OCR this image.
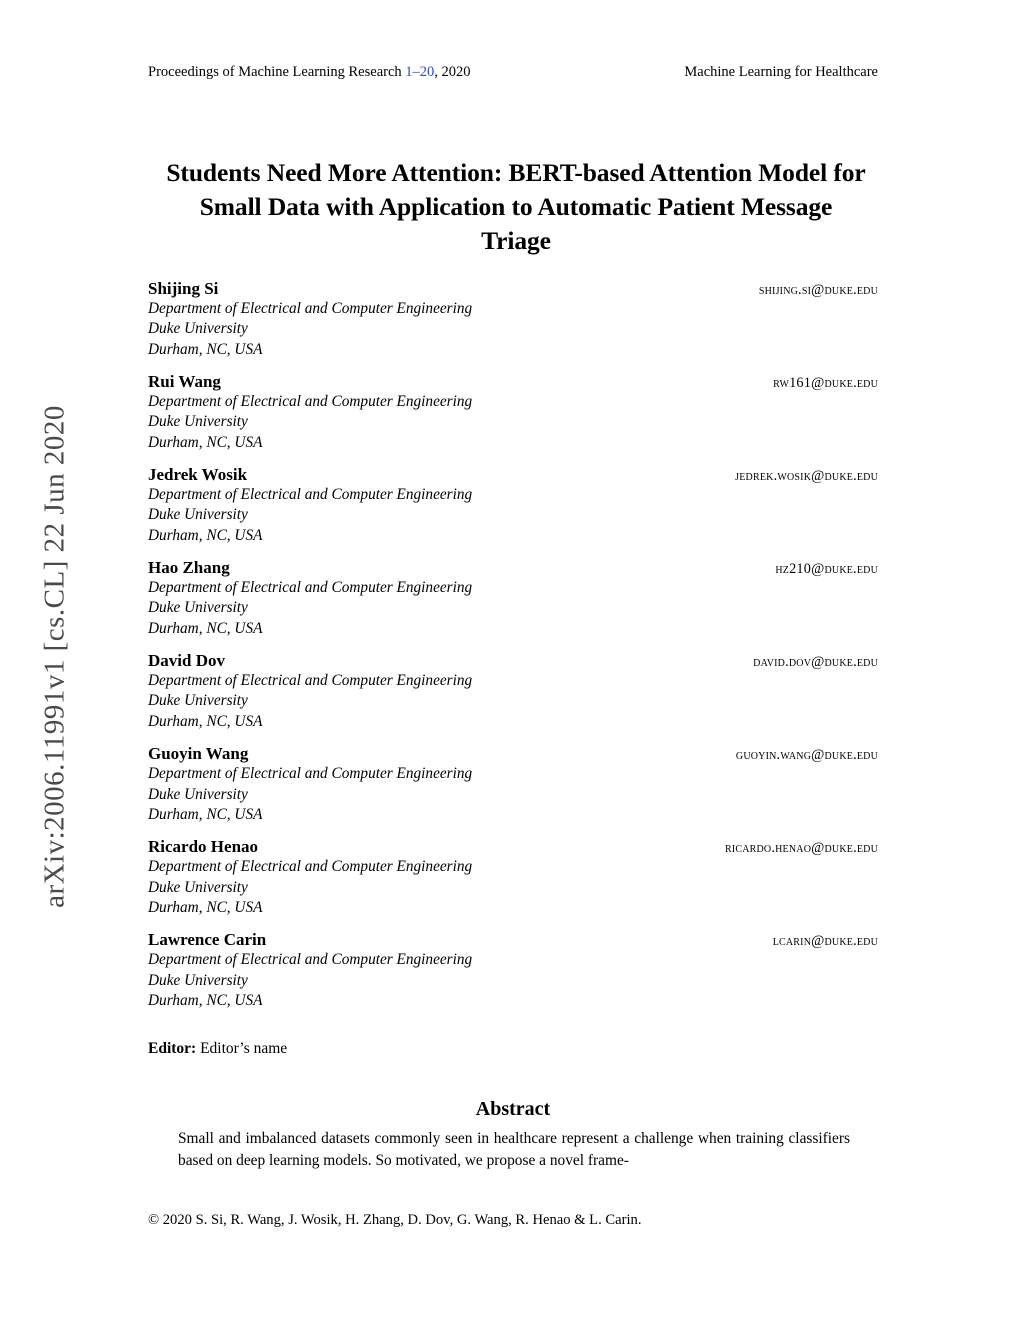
arXiv:2006.11991v1 [cs.CL] 22 Jun 2020
Proceedings of Machine Learning Research 1–20, 2020	Machine Learning for Healthcare
Students Need More Attention: BERT-based Attention Model for Small Data with Application to Automatic Patient Message Triage
Shijing Si	shijing.si@duke.edu
Department of Electrical and Computer Engineering
Duke University
Durham, NC, USA
Rui Wang	rw161@duke.edu
Department of Electrical and Computer Engineering
Duke University
Durham, NC, USA
Jedrek Wosik	jedrek.wosik@duke.edu
Department of Electrical and Computer Engineering
Duke University
Durham, NC, USA
Hao Zhang	hz210@duke.edu
Department of Electrical and Computer Engineering
Duke University
Durham, NC, USA
David Dov	david.dov@duke.edu
Department of Electrical and Computer Engineering
Duke University
Durham, NC, USA
Guoyin Wang	guoyin.wang@duke.edu
Department of Electrical and Computer Engineering
Duke University
Durham, NC, USA
Ricardo Henao	ricardo.henao@duke.edu
Department of Electrical and Computer Engineering
Duke University
Durham, NC, USA
Lawrence Carin	lcarin@duke.edu
Department of Electrical and Computer Engineering
Duke University
Durham, NC, USA
Editor: Editor’s name
Abstract
Small and imbalanced datasets commonly seen in healthcare represent a challenge when training classifiers based on deep learning models. So motivated, we propose a novel frame-
© 2020 S. Si, R. Wang, J. Wosik, H. Zhang, D. Dov, G. Wang, R. Henao & L. Carin.
